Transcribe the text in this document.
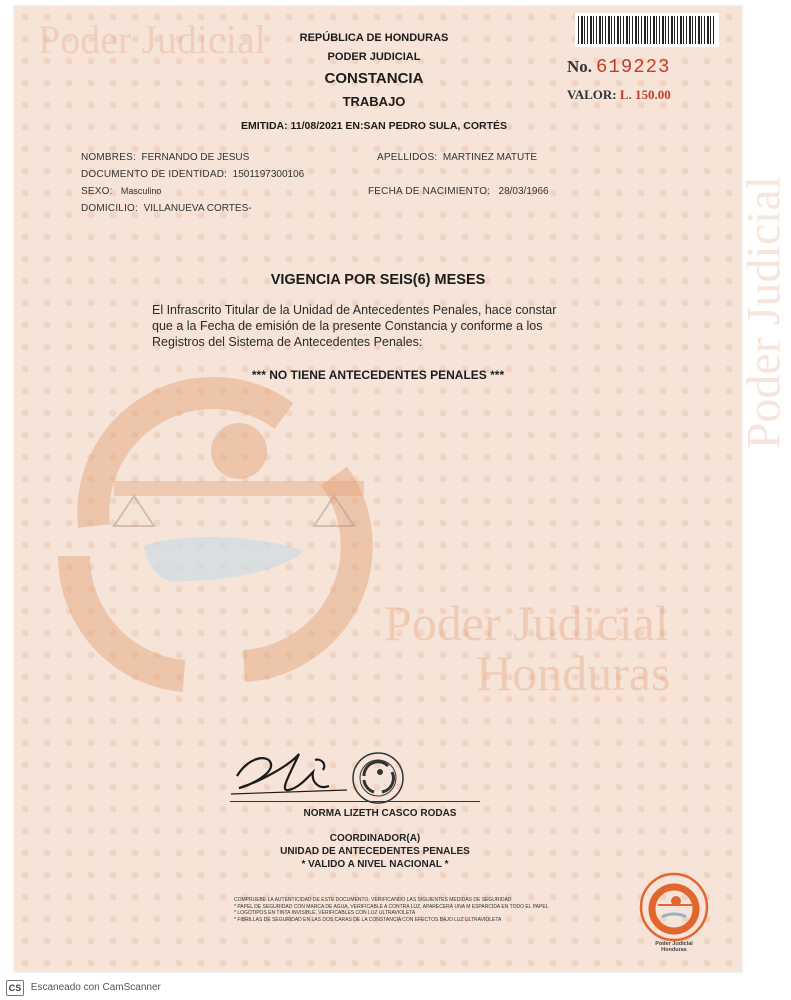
Poder Judicial
Poder Judicial
Poder Judicial
Honduras
No. 619223
VALOR: L. 150.00
REPÚBLICA DE HONDURAS
PODER JUDICIAL
CONSTANCIA
TRABAJO
EMITIDA: 11/08/2021 EN:SAN PEDRO SULA, CORTÉS
NOMBRES: FERNANDO DE JESUS	APELLIDOS: MARTINEZ MATUTE
DOCUMENTO DE IDENTIDAD: 1501197300106
SEXO: Masculino	FECHA DE NACIMIENTO: 28/03/1966
DOMICILIO: VILLANUEVA CORTES-
VIGENCIA POR SEIS(6) MESES
El Infrascrito Titular de la Unidad de Antecedentes Penales, hace constar
que a la Fecha de emisión de la presente Constancia y conforme a los
Registros del Sistema de Antecedentes Penales:
*** NO TIENE ANTECEDENTES PENALES ***
NORMA LIZETH CASCO RODAS
COORDINADOR(A)
UNIDAD DE ANTECEDENTES PENALES
* VALIDO A NIVEL NACIONAL *
COMPRUEBE LA AUTENTICIDAD DE ESTE DOCUMENTO, VERIFICANDO LAS SIGUIENTES MEDIDAS DE SEGURIDAD
* PAPEL DE SEGURIDAD CON MARCA DE AGUA, VERIFICABLE A CONTRA LUZ, APARECERÁ UNA M ESPARCIDA EN TODO EL PAPEL
* LOGOTIPOS EN TINTA INVISIBLE, VERIFICABLES CON LUZ ULTRAVIOLETA
* FIBRILLAS DE SEGURIDAD EN LAS DOS CARAS DE LA CONSTANCIA CON EFECTOS BAJO LUZ ULTRAVIOLETA
Poder Judicial
Honduras
CS Escaneado con CamScanner
